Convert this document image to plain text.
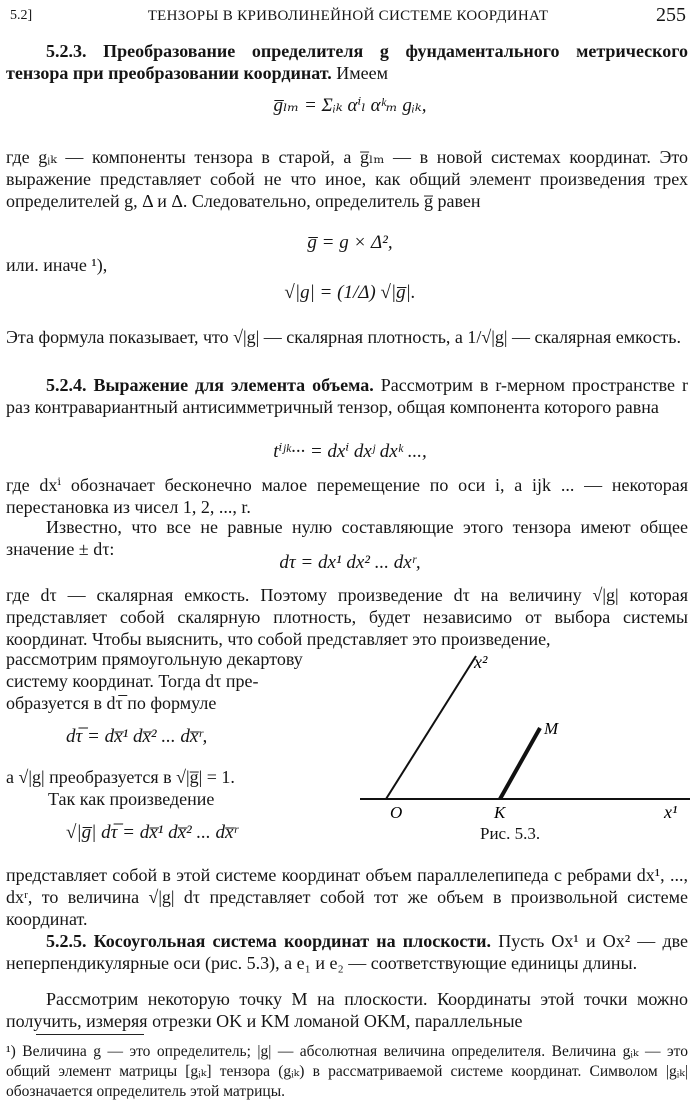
5.2]	ТЕНЗОРЫ В КРИВОЛИНЕЙНОЙ СИСТЕМЕ КООРДИНАТ	255
5.2.3. Преобразование определителя g фундаментального метрического тензора при преобразовании координат. Имеем
g̅ₗₘ = Σᵢₖ αⁱₗ αᵏₘ gᵢₖ,
где gᵢₖ — компоненты тензора в старой, а g̅ₗₘ — в новой системах координат. Это выражение представляет собой не что иное, как общий элемент произведения трех определителей g, Δ и Δ. Следовательно, определитель g̅ равен
g̅ = g × Δ²,
или. иначе ¹),
√|g| = (1/Δ) √|g̅|.
Эта формула показывает, что √|g| — скалярная плотность, а 1/√|g| — скалярная емкость.
5.2.4. Выражение для элемента объема. Рассмотрим в r-мерном пространстве r раз контравариантный антисимметричный тензор, общая компонента которого равна
tⁱʲᵏ··· = dxⁱ dxʲ dxᵏ ...,
где dxⁱ обозначает бесконечно малое перемещение по оси i, а ijk ... — некоторая перестановка из чисел 1, 2, ..., r.
Известно, что все не равные нулю составляющие этого тензора имеют общее значение ± dτ:
dτ = dx¹ dx² ... dxʳ,
где dτ — скалярная емкость. Поэтому произведение dτ на величину √|g| которая представляет собой скалярную плотность, будет независимо от выбора системы координат. Чтобы выяснить, что собой представляет это произведение,
рассмотрим прямоугольную декартову
систему координат. Тогда dτ пре-
образуется в dτ̅ по формуле
dτ̅ = dx̅¹ dx̅² ... dx̅ʳ,
а √|g| преобразуется в √|g̅| = 1.
Так как произведение
√|g̅| dτ̅ = dx̅¹ dx̅² ... dx̅ʳ
представляет собой в этой системе координат объем параллелепипеда с ребрами dx¹, ..., dxʳ, то величина √|g| dτ представляет собой тот же объем в произвольной системе координат.
x²
x¹
O	K
M
Рис. 5.3.
5.2.5. Косоугольная система координат на плоскости. Пусть Ox¹ и Ox² — две неперпендикулярные оси (рис. 5.3), а e₁ и e₂ — соответствующие единицы длины.
Рассмотрим некоторую точку M на плоскости. Координаты этой точки можно получить, измеряя отрезки OK и KM ломаной OKM, параллельные
¹) Величина g — это определитель; |g| — абсолютная величина определителя. Величина gᵢₖ — это общий элемент матрицы [gᵢₖ] тензора (gᵢₖ) в рассматриваемой системе координат. Символом |gᵢₖ| обозначается определитель этой матрицы.
